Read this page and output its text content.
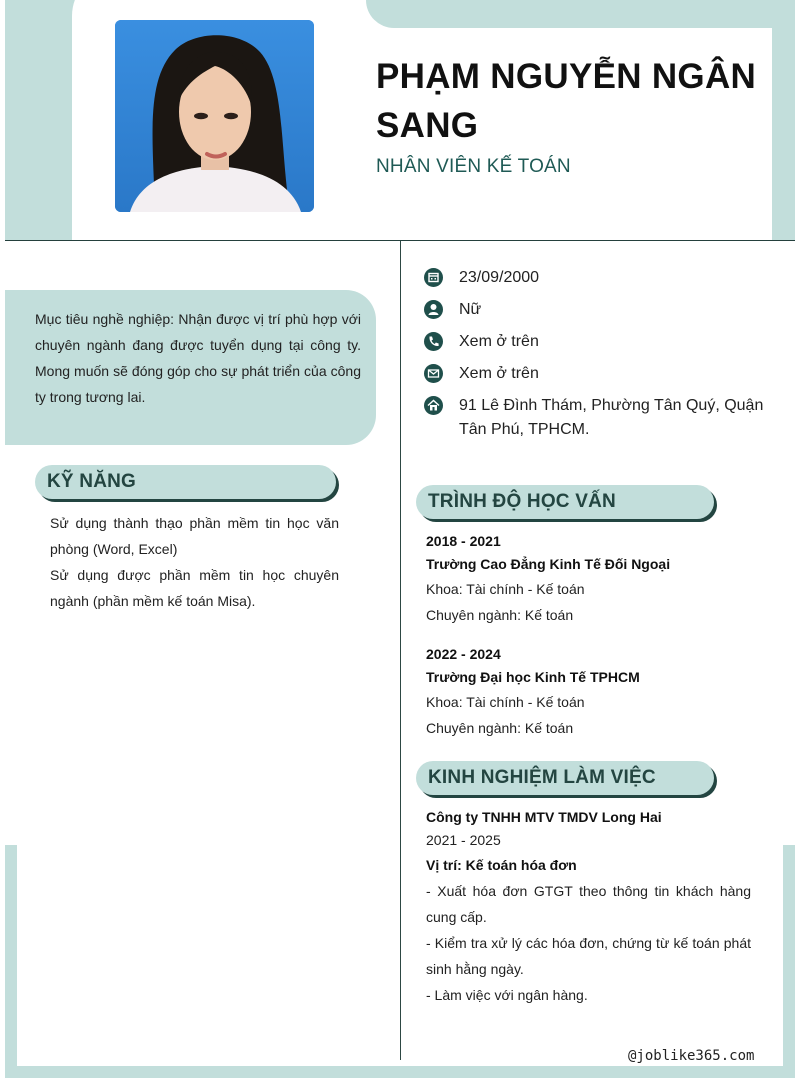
PHẠM NGUYỄN NGÂN SANG
NHÂN VIÊN KẾ TOÁN
23/09/2000
Nữ
Xem ở trên
Xem ở trên
91 Lê Đình Thám, Phường Tân Quý, Quận Tân Phú, TPHCM.
Mục tiêu nghề nghiệp: Nhận được vị trí phù hợp với chuyên ngành đang được tuyển dụng tại công ty. Mong muốn sẽ đóng góp cho sự phát triển của công ty trong tương lai.
KỸ NĂNG
Sử dụng thành thạo phần mềm tin học văn phòng (Word, Excel)
Sử dụng được phần mềm tin học chuyên ngành (phần mềm kế toán Misa).
TRÌNH ĐỘ HỌC VẤN
2018 - 2021
Trường Cao Đẳng Kinh Tế Đối Ngoại
Khoa: Tài chính - Kế toán
Chuyên ngành: Kế toán
2022 - 2024
Trường Đại học Kinh Tế TPHCM
Khoa: Tài chính - Kế toán
Chuyên ngành: Kế toán
KINH NGHIỆM LÀM VIỆC
Công ty TNHH MTV TMDV Long Hai
2021 - 2025
Vị trí: Kế toán hóa đơn
- Xuất hóa đơn GTGT theo thông tin khách hàng cung cấp.
- Kiểm tra xử lý các hóa đơn, chứng từ kế toán phát sinh hằng ngày.
- Làm việc với ngân hàng.
@joblike365.com
